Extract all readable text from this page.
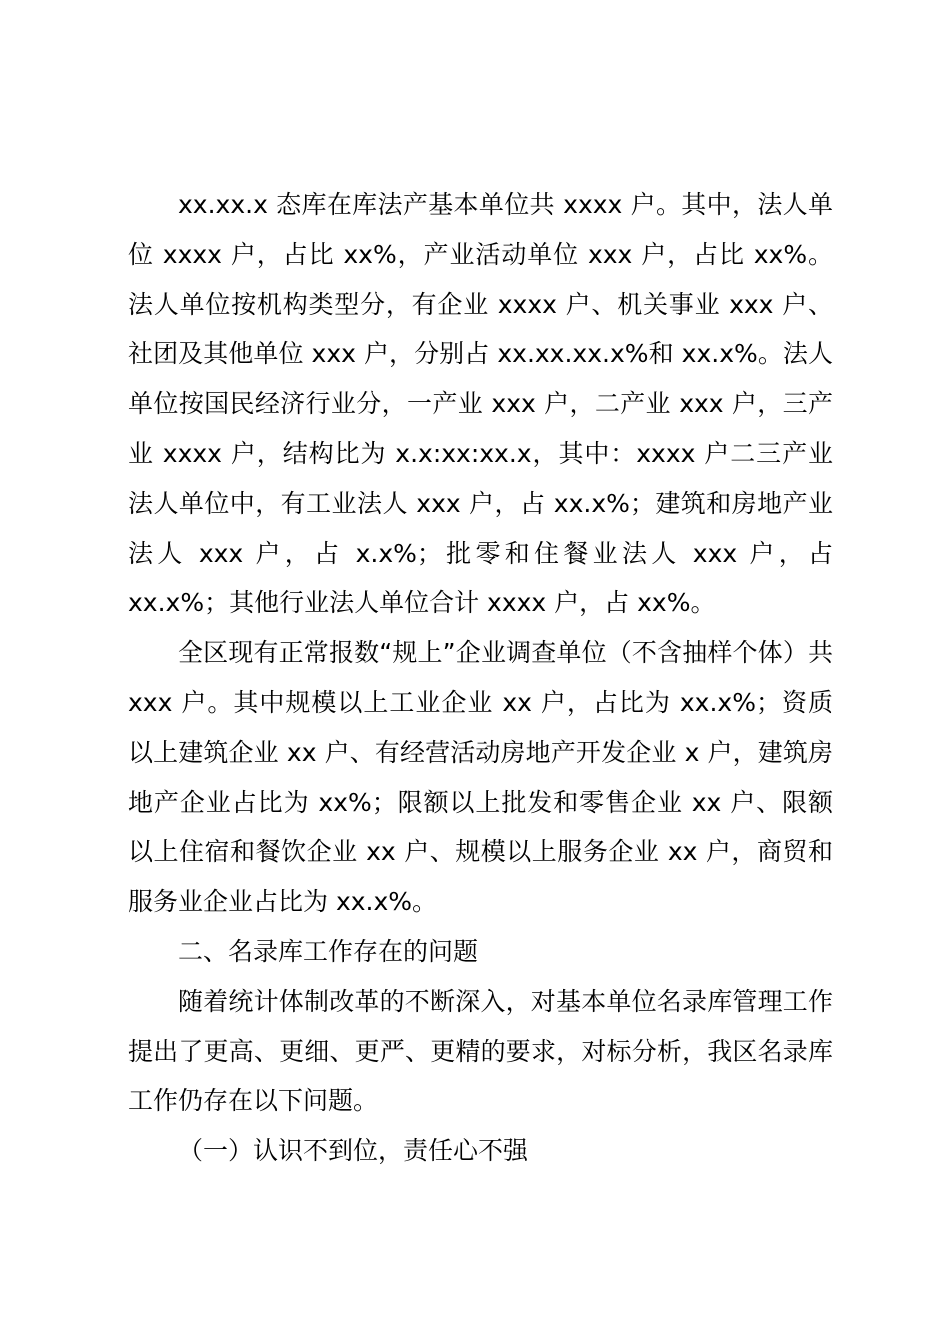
xx.xx.x 态库在库法产基本单位共 xxxx 户。其中，法人单位 xxxx 户，占比 xx%，产业活动单位 xxx 户，占比 xx%。法人单位按机构类型分，有企业 xxxx 户、机关事业 xxx 户、社团及其他单位 xxx 户，分别占 xx.xx.xx.x%和 xx.x%。法人单位按国民经济行业分，一产业 xxx 户，二产业 xxx 户，三产业 xxxx 户，结构比为 x.x:xx:xx.x，其中：xxxx 户二三产业法人单位中，有工业法人 xxx 户，占 xx.x%；建筑和房地产业法人 xxx 户，占 x.x%；批零和住餐业法人 xxx 户，占 xx.x%；其他行业法人单位合计 xxxx 户，占 xx%。

全区现有正常报数“规上”企业调查单位（不含抽样个体）共 xxx 户。其中规模以上工业企业 xx 户，占比为 xx.x%；资质以上建筑企业 xx 户、有经营活动房地产开发企业 x 户，建筑房地产企业占比为 xx%；限额以上批发和零售企业 xx 户、限额以上住宿和餐饮企业 xx 户、规模以上服务企业 xx 户，商贸和服务业企业占比为 xx.x%。

二、名录库工作存在的问题

随着统计体制改革的不断深入，对基本单位名录库管理工作提出了更高、更细、更严、更精的要求，对标分析，我区名录库工作仍存在以下问题。

（一）认识不到位，责任心不强
